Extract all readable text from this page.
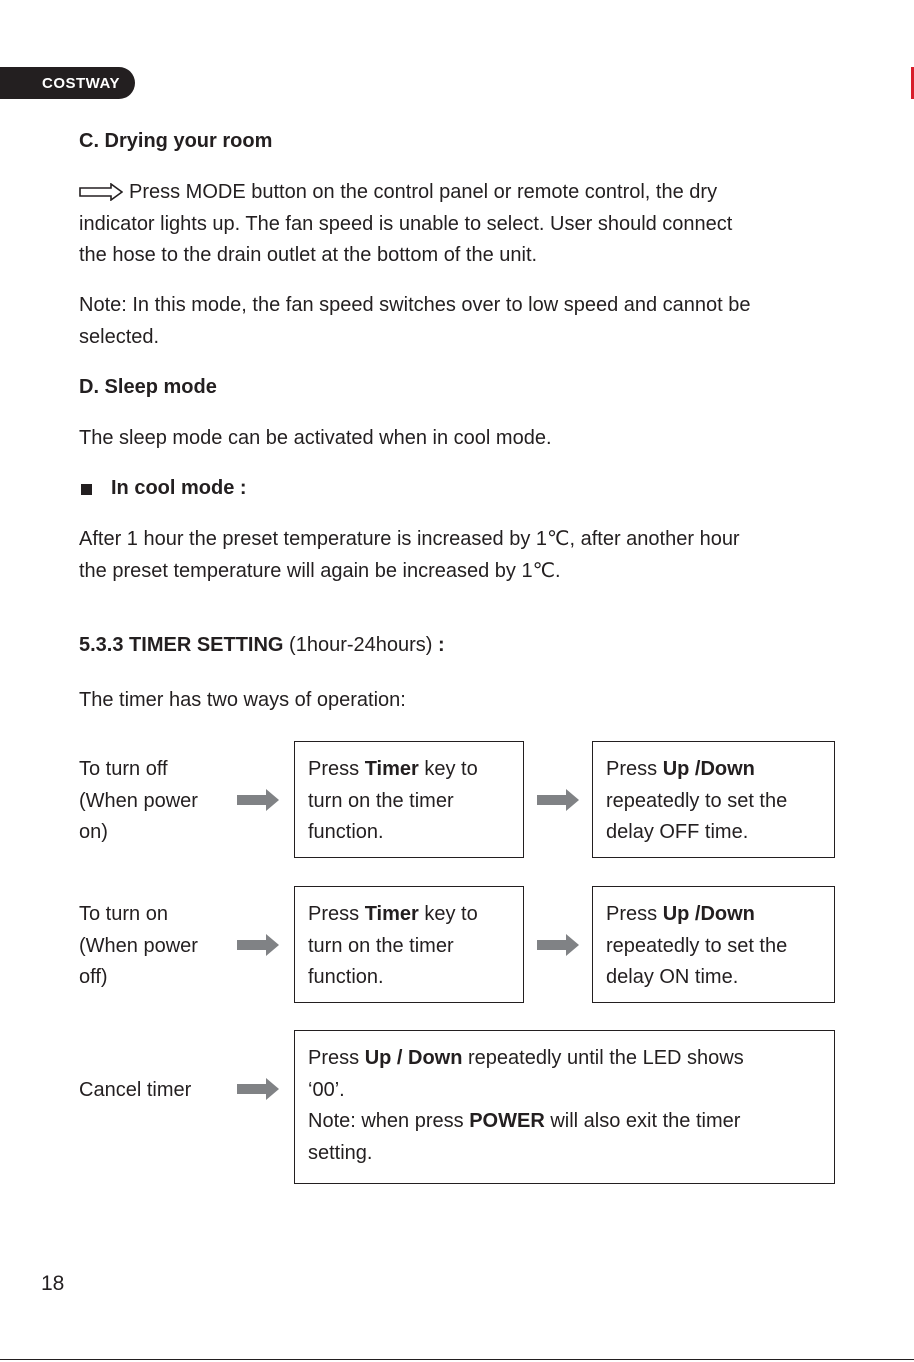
COSTWAY
C. Drying your room
Press MODE button on the control panel or remote control, the dry
indicator lights up. The fan speed is unable to select. User should connect
the hose to the drain outlet at the bottom of the unit.
Note: In this mode, the fan speed switches over to low speed and cannot be
selected.
D. Sleep mode
The sleep mode can be activated when in cool mode.
In cool mode :
After 1 hour the preset temperature is increased by 1℃, after another hour
the preset temperature will again be increased by 1℃.
5.3.3 TIMER SETTING (1hour-24hours) :
The timer has two ways of operation:
To turn off
(When power
on)
Press Timer key to
turn on the timer
function.
Press Up /Down
repeatedly to set the
delay OFF time.
To turn on
(When power
off)
Press Timer key to
turn on the timer
function.
Press Up /Down
repeatedly to set the
delay ON time.
Cancel timer
Press Up / Down repeatedly until the LED shows
‘00’.
Note: when press POWER will also exit the timer
setting.
18
